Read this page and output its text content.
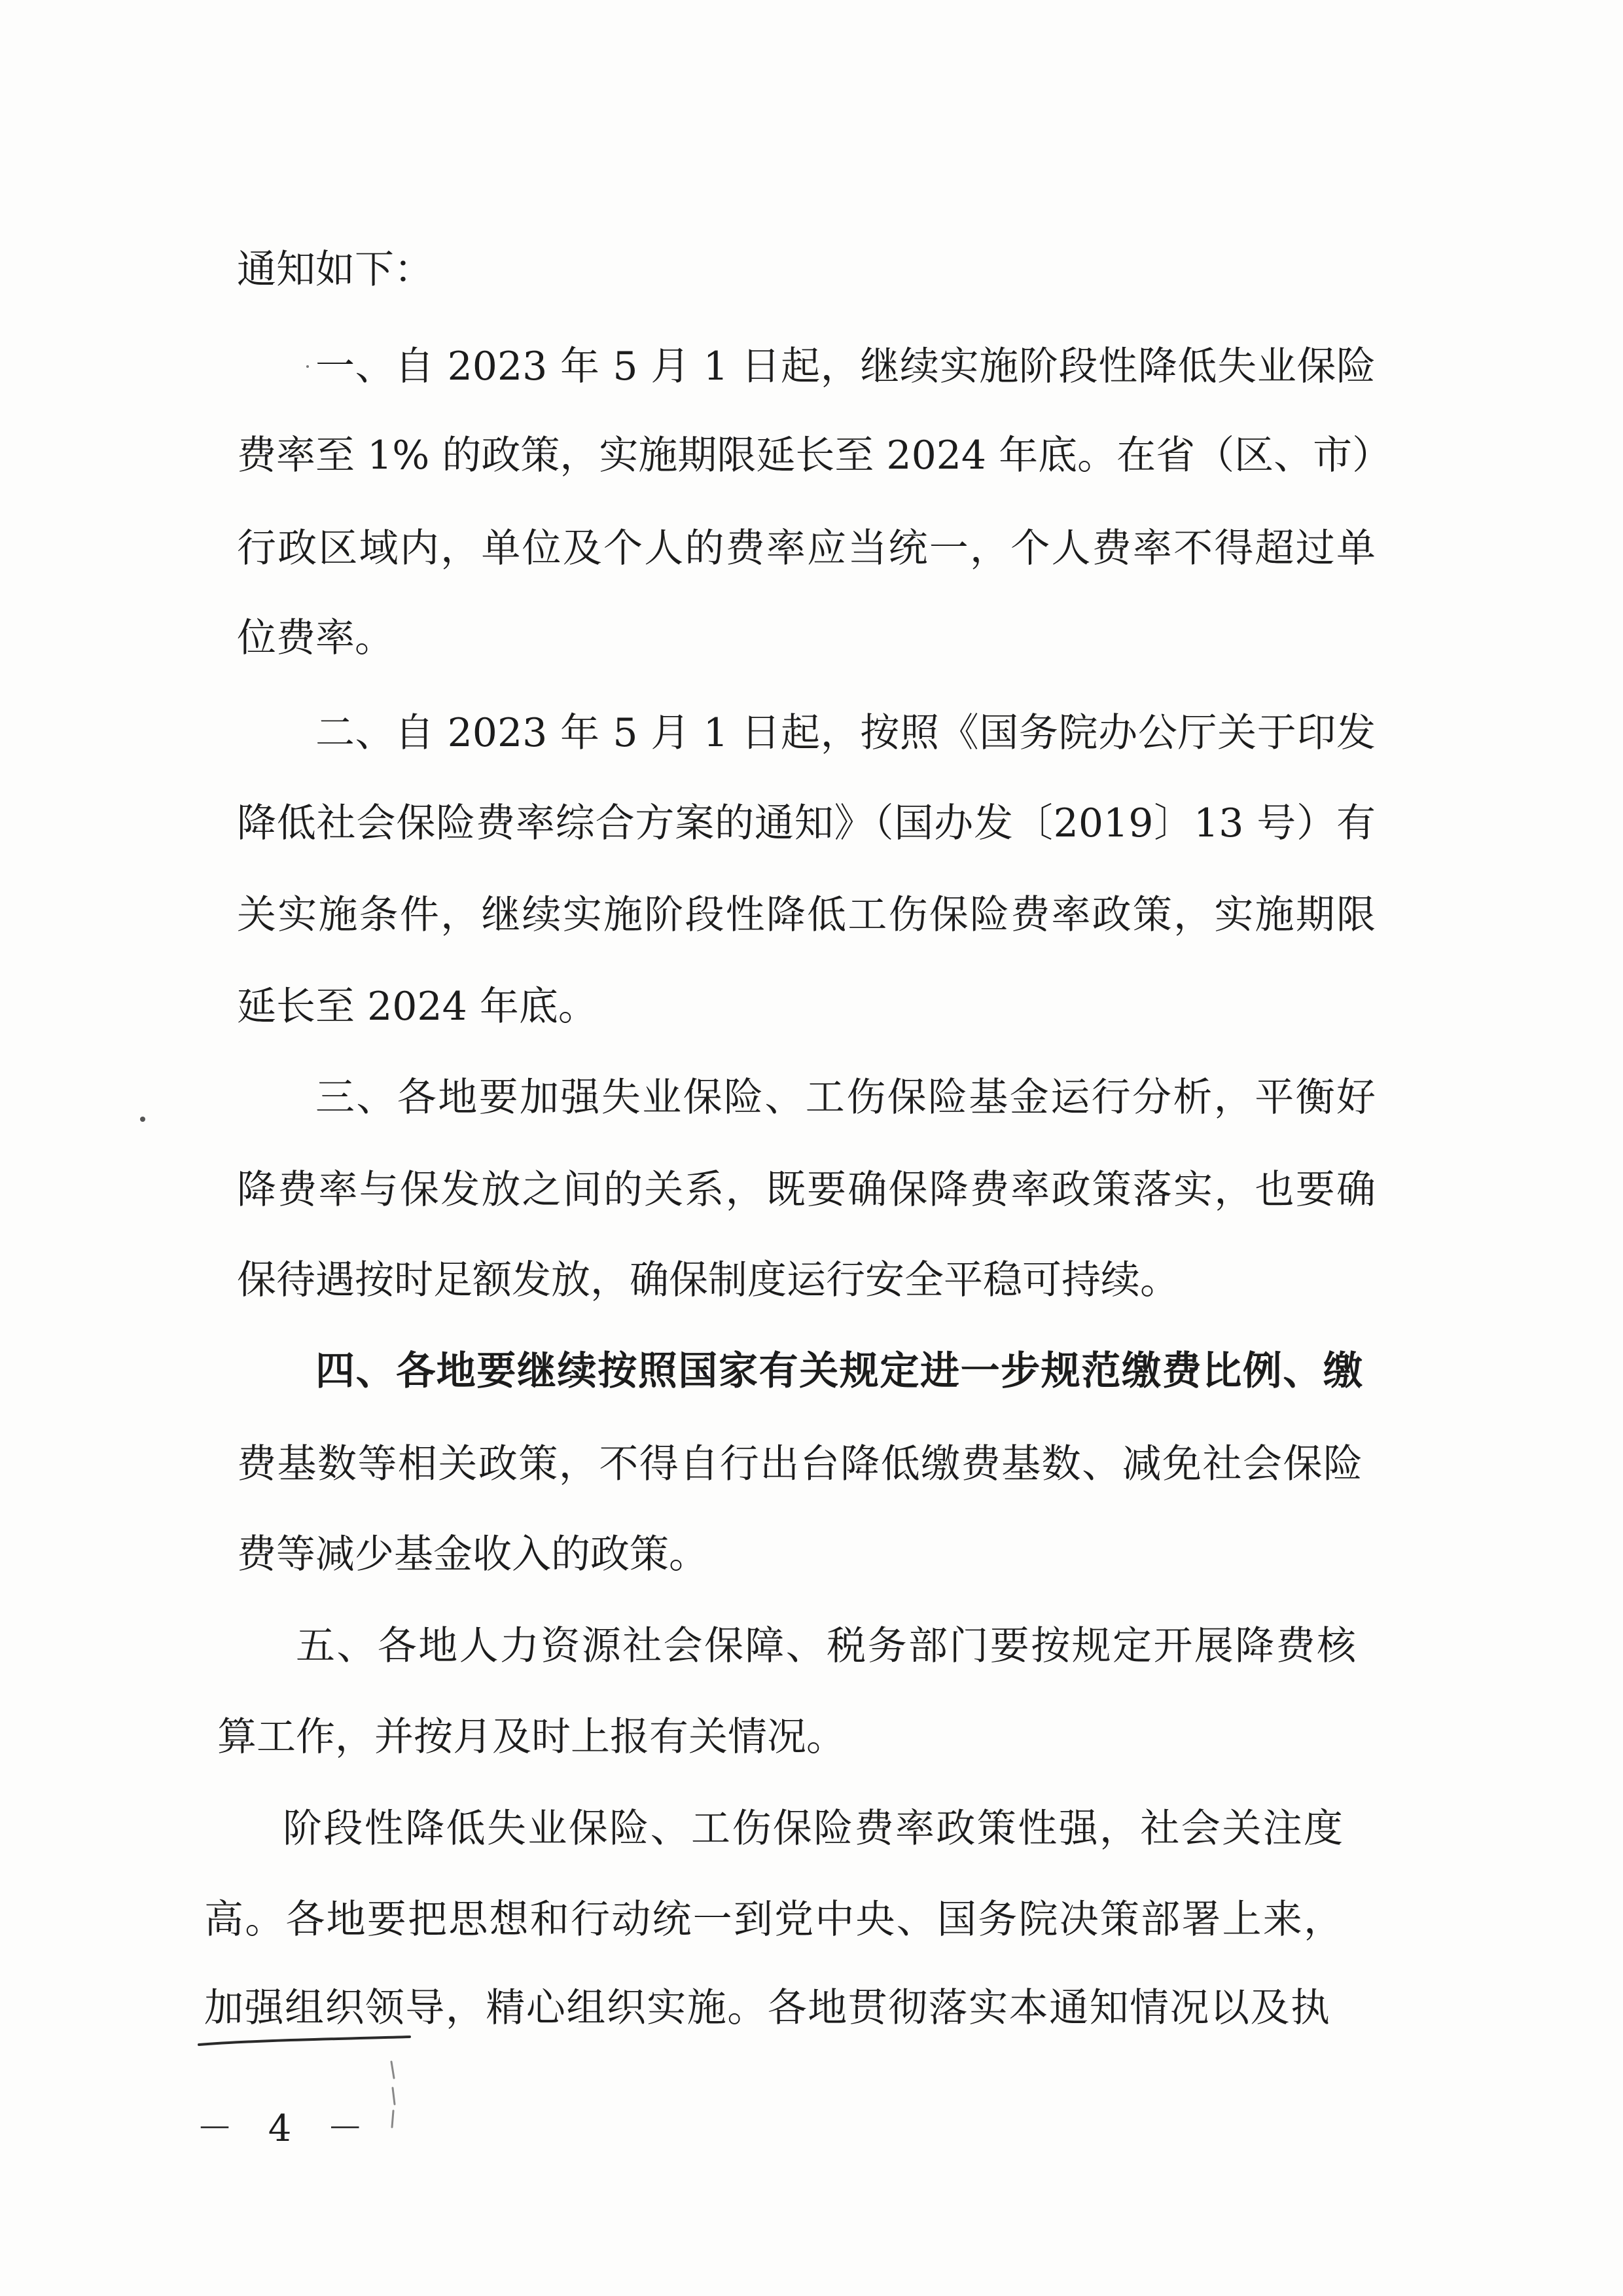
通知如下：
一、自 2023 年 5 月 1 日起，继续实施阶段性降低失业保险
费率至 1% 的政策，实施期限延长至 2024 年底。在省（区、市）
行政区域内，单位及个人的费率应当统一，个人费率不得超过单
位费率。
二、自 2023 年 5 月 1 日起，按照《国务院办公厅关于印发
降低社会保险费率综合方案的通知》（国办发〔2019〕13 号）有
关实施条件，继续实施阶段性降低工伤保险费率政策，实施期限
延长至 2024 年底。
三、各地要加强失业保险、工伤保险基金运行分析，平衡好
降费率与保发放之间的关系，既要确保降费率政策落实，也要确
保待遇按时足额发放，确保制度运行安全平稳可持续。
四、各地要继续按照国家有关规定进一步规范缴费比例、缴
费基数等相关政策，不得自行出台降低缴费基数、减免社会保险
费等减少基金收入的政策。
五、各地人力资源社会保障、税务部门要按规定开展降费核
算工作，并按月及时上报有关情况。
阶段性降低失业保险、工伤保险费率政策性强，社会关注度
高。各地要把思想和行动统一到党中央、国务院决策部署上来，
加强组织领导，精心组织实施。各地贯彻落实本通知情况以及执
－ 4 －
